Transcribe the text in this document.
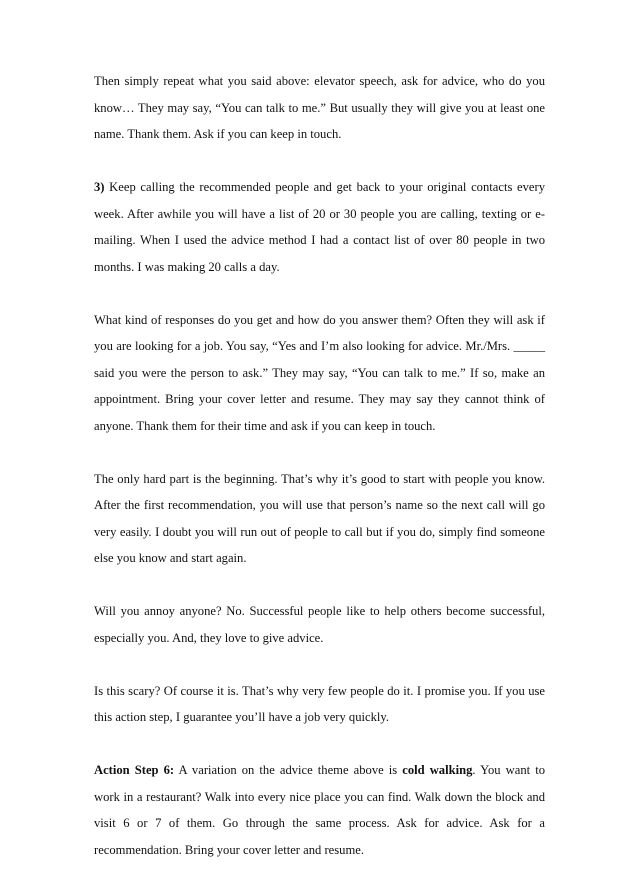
Then simply repeat what you said above: elevator speech, ask for advice, who do you know… They may say, “You can talk to me.” But usually they will give you at least one name. Thank them. Ask if you can keep in touch.

3) Keep calling the recommended people and get back to your original contacts every week. After awhile you will have a list of 20 or 30 people you are calling, texting or e-mailing. When I used the advice method I had a contact list of over 80 people in two months. I was making 20 calls a day.

What kind of responses do you get and how do you answer them? Often they will ask if you are looking for a job. You say, “Yes and I’m also looking for advice. Mr./Mrs. _____ said you were the person to ask.” They may say, “You can talk to me.” If so, make an appointment. Bring your cover letter and resume. They may say they cannot think of anyone. Thank them for their time and ask if you can keep in touch.

The only hard part is the beginning. That’s why it’s good to start with people you know. After the first recommendation, you will use that person’s name so the next call will go very easily. I doubt you will run out of people to call but if you do, simply find someone else you know and start again.

Will you annoy anyone? No. Successful people like to help others become successful, especially you. And, they love to give advice.

Is this scary? Of course it is. That’s why very few people do it. I promise you. If you use this action step, I guarantee you’ll have a job very quickly.

Action Step 6: A variation on the advice theme above is cold walking. You want to work in a restaurant? Walk into every nice place you can find. Walk down the block and visit 6 or 7 of them. Go through the same process. Ask for advice. Ask for a recommendation. Bring your cover letter and resume.
